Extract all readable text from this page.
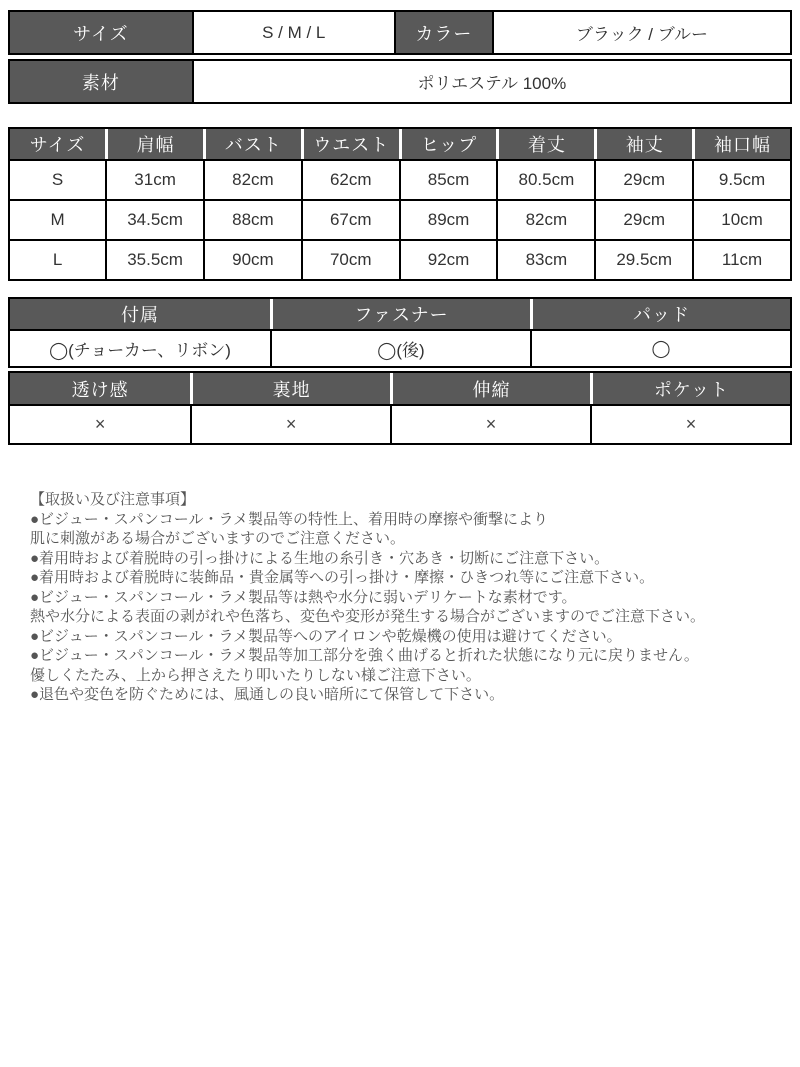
サイズ	S / M / L	カラー	ブラック / ブルー
素材	ポリエステル 100%
サイズ	肩幅	バスト	ウエスト	ヒップ	着丈	袖丈	袖口幅
S	31cm	82cm	62cm	85cm	80.5cm	29cm	9.5cm
M	34.5cm	88cm	67cm	89cm	82cm	29cm	10cm
L	35.5cm	90cm	70cm	92cm	83cm	29.5cm	11cm
付属	ファスナー	パッド
◯(チョーカー、リボン)	◯(後)	◯
透け感	裏地	伸縮	ポケット
×	×	×	×
【取扱い及び注意事項】
●ビジュー・スパンコール・ラメ製品等の特性上、着用時の摩擦や衝撃により
肌に刺激がある場合がございますのでご注意ください。
●着用時および着脱時の引っ掛けによる生地の糸引き・穴あき・切断にご注意下さい。
●着用時および着脱時に装飾品・貴金属等への引っ掛け・摩擦・ひきつれ等にご注意下さい。
●ビジュー・スパンコール・ラメ製品等は熱や水分に弱いデリケートな素材です。
熱や水分による表面の剥がれや色落ち、変色や変形が発生する場合がございますのでご注意下さい。
●ビジュー・スパンコール・ラメ製品等へのアイロンや乾燥機の使用は避けてください。
●ビジュー・スパンコール・ラメ製品等加工部分を強く曲げると折れた状態になり元に戻りません。
優しくたたみ、上から押さえたり叩いたりしない様ご注意下さい。
●退色や変色を防ぐためには、風通しの良い暗所にて保管して下さい。
